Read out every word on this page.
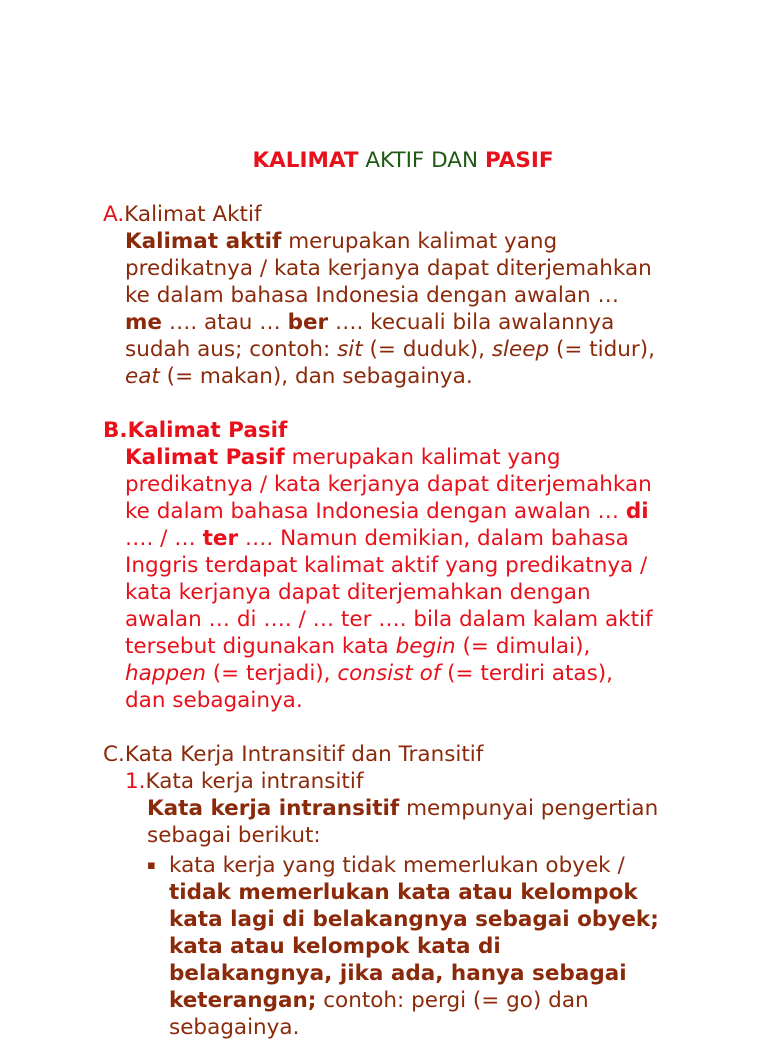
KALIMAT AKTIF DAN PASIF
A.Kalimat Aktif
Kalimat aktif merupakan kalimat yang
predikatnya / kata kerjanya dapat diterjemahkan
ke dalam bahasa Indonesia dengan awalan …
me …. atau … ber …. kecuali bila awalannya
sudah aus; contoh: sit (= duduk), sleep (= tidur),
eat (= makan), dan sebagainya.
B.Kalimat Pasif
Kalimat Pasif merupakan kalimat yang
predikatnya / kata kerjanya dapat diterjemahkan
ke dalam bahasa Indonesia dengan awalan … di
…. / … ter …. Namun demikian, dalam bahasa
Inggris terdapat kalimat aktif yang predikatnya /
kata kerjanya dapat diterjemahkan dengan
awalan … di …. / … ter …. bila dalam kalam aktif
tersebut digunakan kata begin (= dimulai),
happen (= terjadi), consist of (= terdiri atas),
dan sebagainya.
C.Kata Kerja Intransitif dan Transitif
1.Kata kerja intransitif
Kata kerja intransitif mempunyai pengertian
sebagai berikut:
▪ kata kerja yang tidak memerlukan obyek /
tidak memerlukan kata atau kelompok
kata lagi di belakangnya sebagai obyek;
kata atau kelompok kata di
belakangnya, jika ada, hanya sebagai
keterangan; contoh: pergi (= go) dan
sebagainya.
